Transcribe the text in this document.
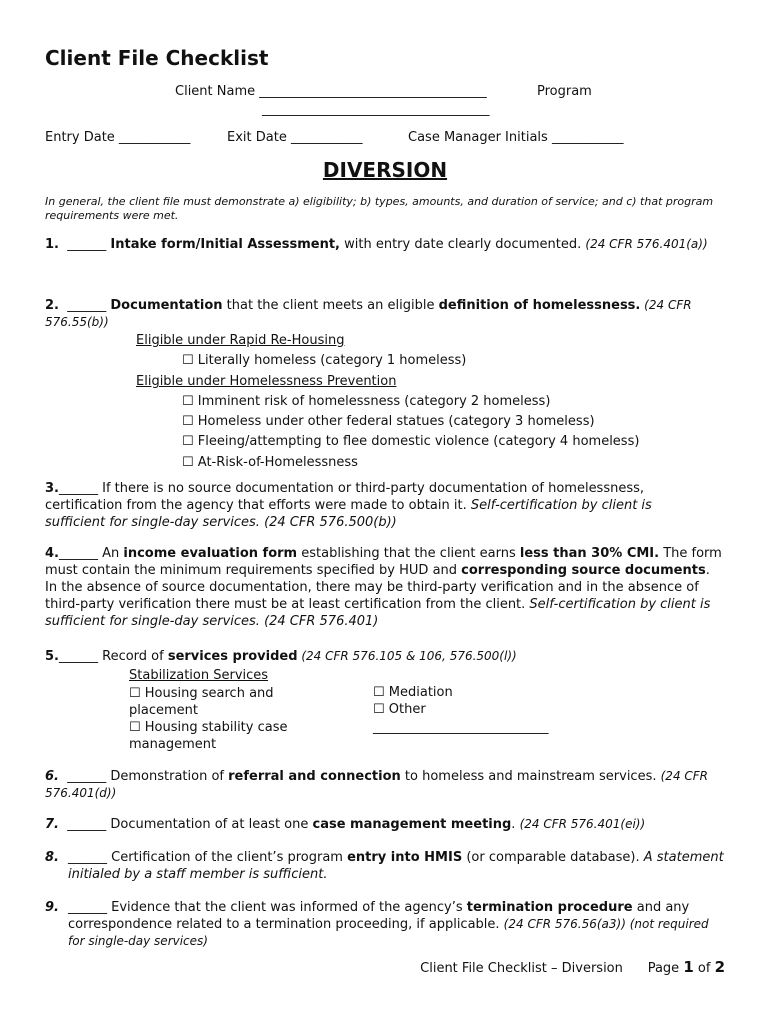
Client File Checklist
Client Name ___________________________________	Program
___________________________________
Entry Date ___________	Exit Date ___________	Case Manager Initials ___________
DIVERSION
In general, the client file must demonstrate a) eligibility; b) types, amounts, and duration of service; and c) that program requirements were met.
1. ______ Intake form/Initial Assessment, with entry date clearly documented. (24 CFR 576.401(a))
2. ______ Documentation that the client meets an eligible definition of homelessness. (24 CFR 576.55(b))
Eligible under Rapid Re-Housing
☐ Literally homeless (category 1 homeless)
Eligible under Homelessness Prevention
☐ Imminent risk of homelessness (category 2 homeless)
☐ Homeless under other federal statues (category 3 homeless)
☐ Fleeing/attempting to flee domestic violence (category 4 homeless)
☐ At-Risk-of-Homelessness
3.______ If there is no source documentation or third-party documentation of homelessness, certification from the agency that efforts were made to obtain it. Self-certification by client is sufficient for single-day services. (24 CFR 576.500(b))
4.______ An income evaluation form establishing that the client earns less than 30% CMI. The form must contain the minimum requirements specified by HUD and corresponding source documents. In the absence of source documentation, there may be third-party verification and in the absence of third-party verification there must be at least certification from the client. Self-certification by client is sufficient for single-day services. (24 CFR 576.401)
5.______ Record of services provided (24 CFR 576.105 & 106, 576.500(l))
Stabilization Services
☐ Housing search and placement
☐ Housing stability case management
☐ Mediation
☐ Other
___________________________
6. ______ Demonstration of referral and connection to homeless and mainstream services. (24 CFR 576.401(d))
7. ______ Documentation of at least one case management meeting. (24 CFR 576.401(ei))
8. ______ Certification of the client’s program entry into HMIS (or comparable database). A statement initialed by a staff member is sufficient.
9. ______ Evidence that the client was informed of the agency’s termination procedure and any correspondence related to a termination proceeding, if applicable. (24 CFR 576.56(a3)) (not required for single-day services)
Client File Checklist – Diversion Page 1 of 2
